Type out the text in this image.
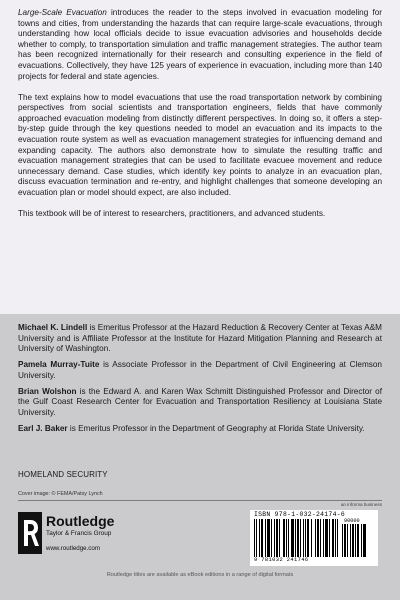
Large-Scale Evacuation introduces the reader to the steps involved in evacuation modeling for towns and cities, from understanding the hazards that can require large-scale evacuations, through understanding how local officials decide to issue evacuation advisories and households decide whether to comply, to transportation simulation and traffic management strategies. The author team has been recognized internationally for their research and consulting experience in the field of evacuations. Collectively, they have 125 years of experience in evacuation, including more than 140 projects for federal and state agencies.

The text explains how to model evacuations that use the road transportation network by combining perspectives from social scientists and transportation engineers, fields that have commonly approached evacuation modeling from distinctly different perspectives. In doing so, it offers a step-by-step guide through the key questions needed to model an evacuation and its impacts to the evacuation route system as well as evacuation management strategies for influencing demand and expanding capacity. The authors also demonstrate how to simulate the resulting traffic and evacuation management strategies that can be used to facilitate evacuee movement and reduce unnecessary demand. Case studies, which identify key points to analyze in an evacuation plan, discuss evacuation termination and re-entry, and highlight challenges that someone developing an evacuation plan or model should expect, are also included.

This textbook will be of interest to researchers, practitioners, and advanced students.

Michael K. Lindell is Emeritus Professor at the Hazard Reduction & Recovery Center at Texas A&M University and is Affiliate Professor at the Institute for Hazard Mitigation Planning and Research at University of Washington.

Pamela Murray-Tuite is Associate Professor in the Department of Civil Engineering at Clemson University.

Brian Wolshon is the Edward A. and Karen Wax Schmitt Distinguished Professor and Director of the Gulf Coast Research Center for Evacuation and Transportation Resiliency at Louisiana State University.

Earl J. Baker is Emeritus Professor in the Department of Geography at Florida State University.

HOMELAND SECURITY
Cover image: © FEMA/Patsy Lynch
an informa business
Routledge
Taylor & Francis Group
www.routledge.com
ISBN 978-1-032-24174-6
90000
9 781032 241746
Routledge titles are available as eBook editions in a range of digital formats
